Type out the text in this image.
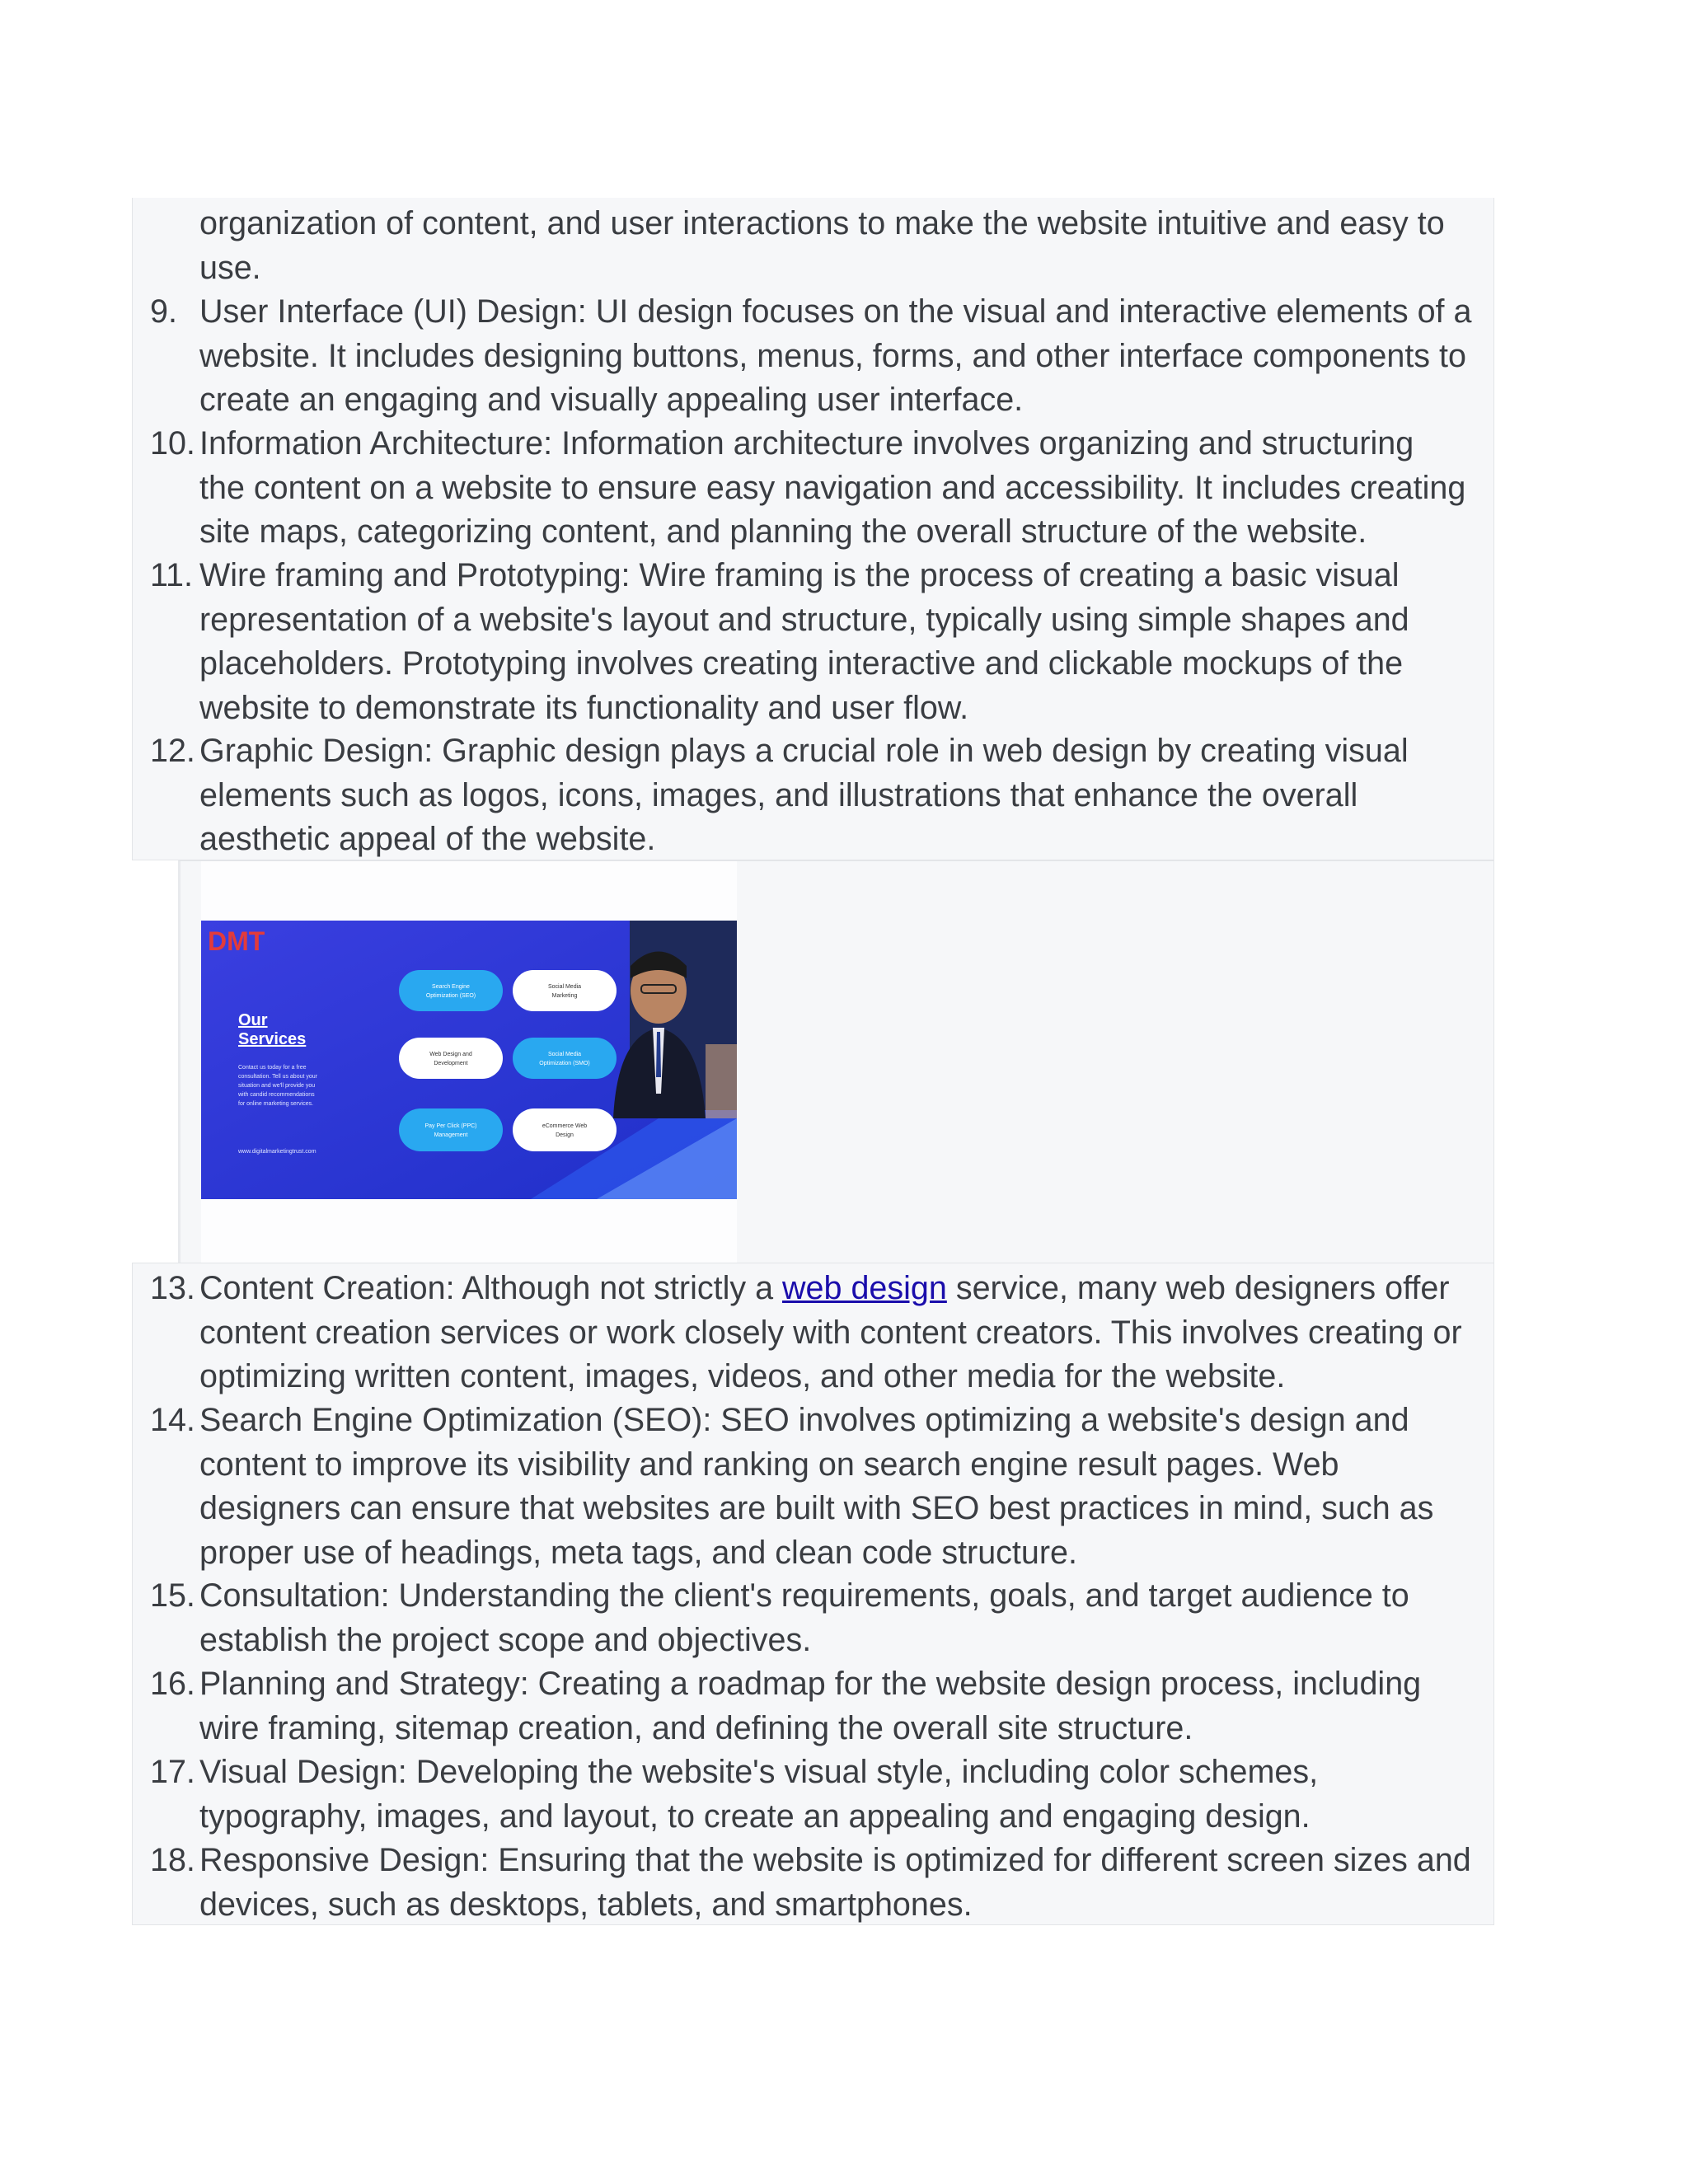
organization of content, and user interactions to make the website intuitive and easy to
use.
9. User Interface (UI) Design: UI design focuses on the visual and interactive elements of a
website. It includes designing buttons, menus, forms, and other interface components to
create an engaging and visually appealing user interface.
10. Information Architecture: Information architecture involves organizing and structuring
the content on a website to ensure easy navigation and accessibility. It includes creating
site maps, categorizing content, and planning the overall structure of the website.
11. Wire framing and Prototyping: Wire framing is the process of creating a basic visual
representation of a website's layout and structure, typically using simple shapes and
placeholders. Prototyping involves creating interactive and clickable mockups of the
website to demonstrate its functionality and user flow.
12. Graphic Design: Graphic design plays a crucial role in web design by creating visual
elements such as logos, icons, images, and illustrations that enhance the overall
aesthetic appeal of the website.
DMT
Our
Services
Contact us today for a free
consultation. Tell us about your
situation and we'll provide you
with candid recommendations
for online marketing services.
www.digitalmarketingtrust.com
Search Engine
Optimization (SEO)
Social Media
Marketing
Web Design and
Development
Social Media
Optimization (SMO)
Pay Per Click (PPC)
Management
eCommerce Web
Design
13. Content Creation: Although not strictly a web design service, many web designers offer
content creation services or work closely with content creators. This involves creating or
optimizing written content, images, videos, and other media for the website.
14. Search Engine Optimization (SEO): SEO involves optimizing a website's design and
content to improve its visibility and ranking on search engine result pages. Web
designers can ensure that websites are built with SEO best practices in mind, such as
proper use of headings, meta tags, and clean code structure.
15. Consultation: Understanding the client's requirements, goals, and target audience to
establish the project scope and objectives.
16. Planning and Strategy: Creating a roadmap for the website design process, including
wire framing, sitemap creation, and defining the overall site structure.
17. Visual Design: Developing the website's visual style, including color schemes,
typography, images, and layout, to create an appealing and engaging design.
18. Responsive Design: Ensuring that the website is optimized for different screen sizes and
devices, such as desktops, tablets, and smartphones.
